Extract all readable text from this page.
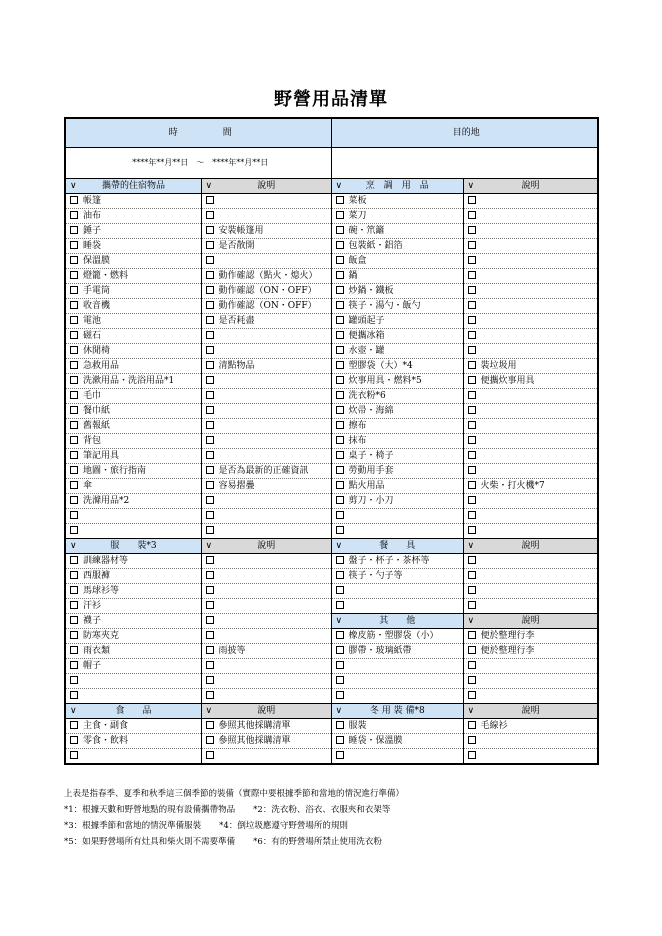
野營用品清單
時　　　　　間		目的地	
****年**月**日　～　****年**月**日			

∨ 攜帶的住宿物品	∨ 說明	∨ 烹　調　用　品	∨ 說明

帳篷		菜板	
油布		菜刀	
錘子	安裝帳篷用	碗・笊籬	
睡袋	是否散開	包裝紙・鋁箔	
保溫膜		飯盒	
燈籠・燃料	動作確認（點火・熄火）	鍋	
手電筒	動作確認（ON・OFF）	炒鍋・鐵板	
收音機	動作確認（ON・OFF）	筷子・湯勺・飯勺	
電池	是否耗盡	罐頭起子	
磁石		便攜冰箱	
休閒椅		水壺・罐	
急救用品	清點物品	塑膠袋（大）*4	裝垃圾用
洗漱用品・洗浴用品*1		炊事用具・燃料*5	便攜炊事用具
毛巾		洗衣粉*6	
餐巾紙		炊帚・海綿	
舊報紙		擦布	
背包		抹布	
筆記用具		桌子・椅子	
地圖・旅行指南	是否為最新的正確資訊	勞動用手套	
傘	容易摺疊	點火用品	火柴・打火機*7
洗滌用品*2		剪刀・小刀	

∨ 服　　裝*3	∨ 說明	∨ 餐　　具	∨ 說明

訓練器材等		盤子・杯子・茶杯等	
西服褲		筷子・勺子等	
馬球衫等			
汗衫			
襪子		∨ 其　　他	∨ 說明

防寒夾克		橡皮筋・塑膠袋（小）	便於整理行李
雨衣類	雨披等	膠帶・玻璃紙帶	便於整理行李
帽子			

∨ 食　　品	∨ 說明	∨ 冬 用 裝 備*8	∨ 說明

主食・副食	參照其他採購清單	服裝	毛線衫
零食・飲料	參照其他採購清單	睡袋・保溫膜	

上表是指春季、夏季和秋季這三個季節的裝備（實際中要根據季節和當地的情況進行準備）
*1：根據天數和野營地點的現有設備攜帶物品 *2：洗衣粉、浴衣、衣服夾和衣架等
*3：根據季節和當地的情況準備服裝 *4：倒垃圾應遵守野營場所的規則
*5：如果野營場所有灶具和柴火則不需要準備 *6：有的野營場所禁止使用洗衣粉
